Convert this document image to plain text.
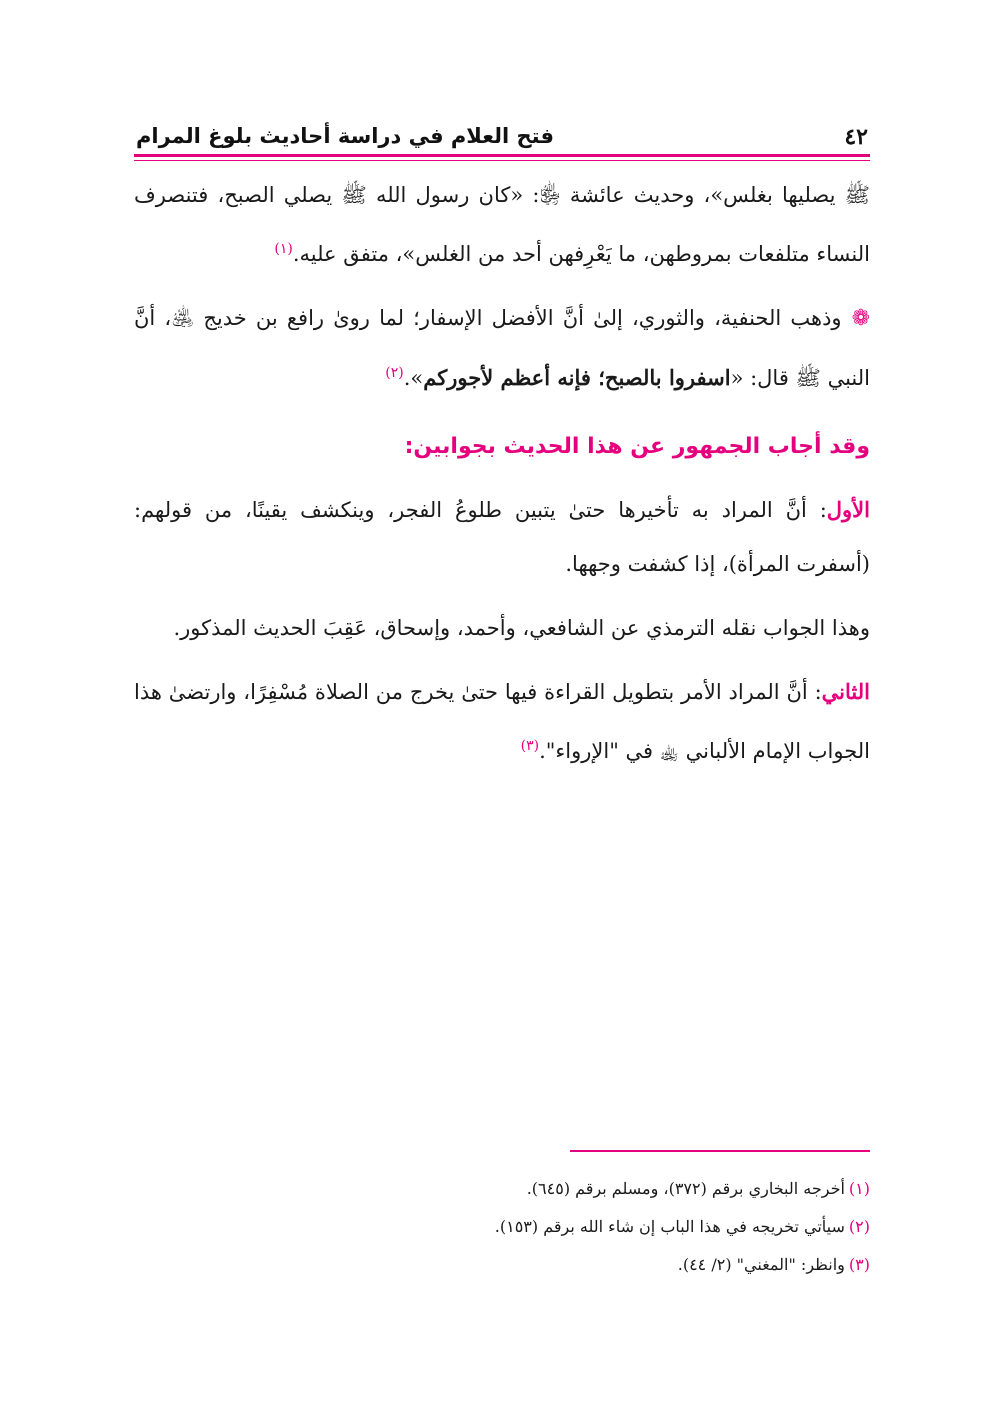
٤٢
فتح العلام في دراسة أحاديث بلوغ المرام

ﷺ يصليها بغلس»، وحديث عائشة ﵂: «كان رسول الله ﷺ يصلي الصبح، فتنصرف النساء متلفعات بمروطهن، ما يَعْرِفهن أحد من الغلس»، متفق عليه.$^{(١)}$

❁وذهب الحنفية، والثوري، إلىٰ أنَّ الأفضل الإسفار؛ لما روىٰ رافع بن خديج ﵁، أنَّ النبي ﷺ قال: «اسفروا بالصبح؛ فإنه أعظم لأجوركم».$^{(٢)}$

وقد أجاب الجمهور عن هذا الحديث بجوابين:

الأول: أنَّ المراد به تأخيرها حتىٰ يتبين طلوعُ الفجر، وينكشف يقينًا، من قولهم: (أسفرت المرأة)، إذا كشفت وجهها.

وهذا الجواب نقله الترمذي عن الشافعي، وأحمد، وإسحاق، عَقِبَ الحديث المذكور.

الثاني: أنَّ المراد الأمر بتطويل القراءة فيها حتىٰ يخرج من الصلاة مُسْفِرًا، وارتضىٰ هذا الجواب الإمام الألباني ﵀ في "الإرواء".$^{(٣)}$

(١)أخرجه البخاري برقم (٣٧٢)، ومسلم برقم (٦٤٥).
(٢)سيأتي تخريجه في هذا الباب إن شاء الله برقم (١٥٣).
(٣)وانظر: "المغني" (٢/ ٤٤).
